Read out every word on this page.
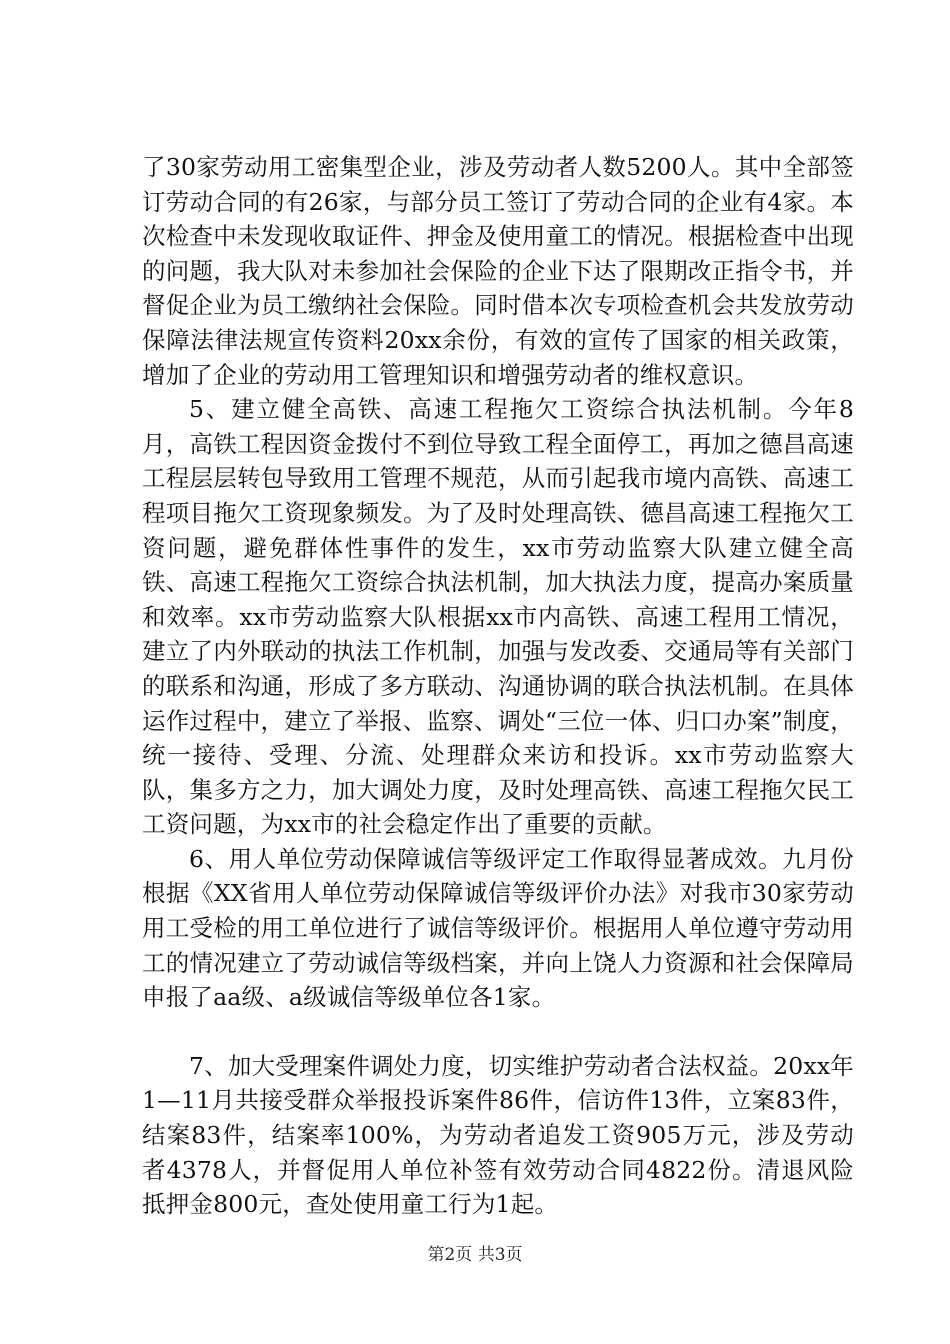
了30家劳动用工密集型企业，涉及劳动者人数5200人。其中全部签订劳动合同的有26家，与部分员工签订了劳动合同的企业有4家。本次检查中未发现收取证件、押金及使用童工的情况。根据检查中出现的问题，我大队对未参加社会保险的企业下达了限期改正指令书，并督促企业为员工缴纳社会保险。同时借本次专项检查机会共发放劳动保障法律法规宣传资料20xx余份，有效的宣传了国家的相关政策，增加了企业的劳动用工管理知识和增强劳动者的维权意识。

5、建立健全高铁、高速工程拖欠工资综合执法机制。今年8月，高铁工程因资金拨付不到位导致工程全面停工，再加之德昌高速工程层层转包导致用工管理不规范，从而引起我市境内高铁、高速工程项目拖欠工资现象频发。为了及时处理高铁、德昌高速工程拖欠工资问题，避免群体性事件的发生，xx市劳动监察大队建立健全高铁、高速工程拖欠工资综合执法机制，加大执法力度，提高办案质量和效率。xx市劳动监察大队根据xx市内高铁、高速工程用工情况，建立了内外联动的执法工作机制，加强与发改委、交通局等有关部门的联系和沟通，形成了多方联动、沟通协调的联合执法机制。在具体运作过程中，建立了举报、监察、调处“三位一体、归口办案”制度，统一接待、受理、分流、处理群众来访和投诉。xx市劳动监察大队，集多方之力，加大调处力度，及时处理高铁、高速工程拖欠民工工资问题，为xx市的社会稳定作出了重要的贡献。

6、用人单位劳动保障诚信等级评定工作取得显著成效。九月份根据《XX省用人单位劳动保障诚信等级评价办法》对我市30家劳动用工受检的用工单位进行了诚信等级评价。根据用人单位遵守劳动用工的情况建立了劳动诚信等级档案，并向上饶人力资源和社会保障局申报了aa级、a级诚信等级单位各1家。

7、加大受理案件调处力度，切实维护劳动者合法权益。20xx年1—11月共接受群众举报投诉案件86件，信访件13件，立案83件，结案83件，结案率100%，为劳动者追发工资905万元，涉及劳动者4378人，并督促用人单位补签有效劳动合同4822份。清退风险抵押金800元，查处使用童工行为1起。

第2页 共3页
